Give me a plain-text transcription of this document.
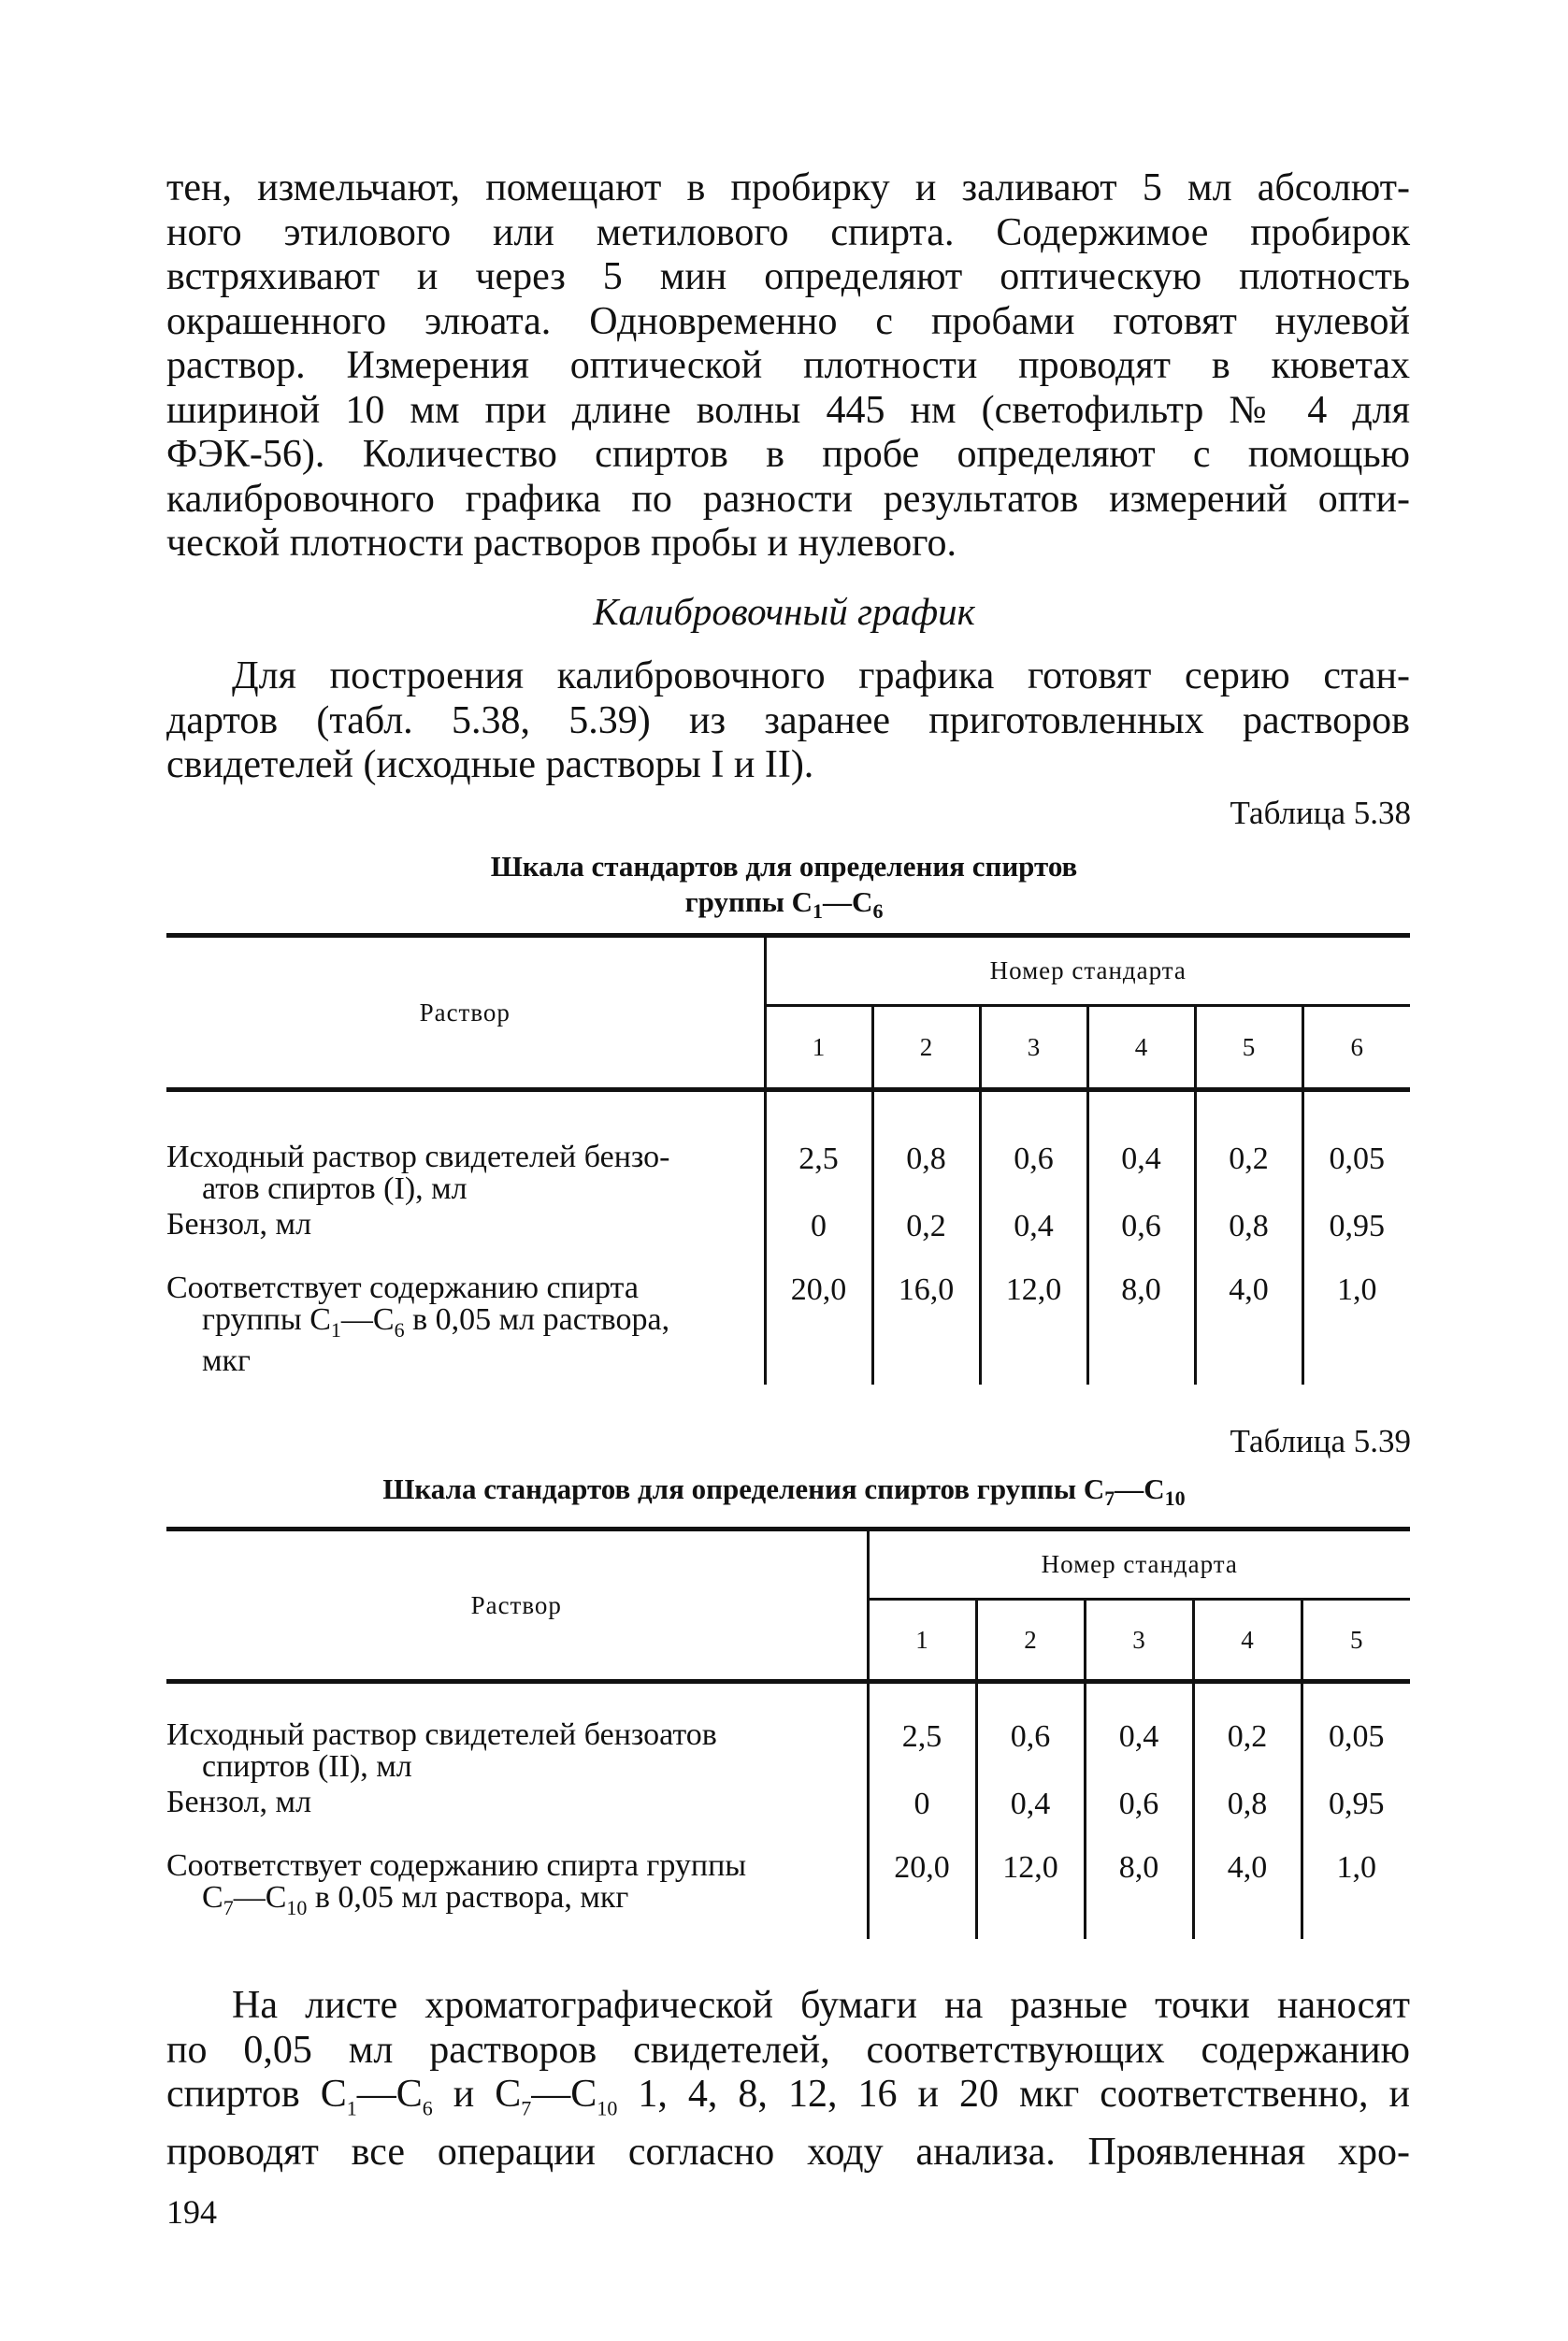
тен, измельчают, помещают в пробирку и заливают 5 мл абсолют-
ного этилового или метилового спирта. Содержимое пробирок
встряхивают и через 5 мин определяют оптическую плотность
окрашенного элюата. Одновременно с пробами готовят нулевой
раствор. Измерения оптической плотности проводят в кюветах
шириной 10 мм при длине волны 445 нм (светофильтр № 4 для
ФЭК-56). Количество спиртов в пробе определяют с помощью
калибровочного графика по разности результатов измерений опти-
ческой плотности растворов пробы и нулевого.
Калибровочный график
Для построения калибровочного графика готовят серию стан-
дартов (табл. 5.38, 5.39) из заранее приготовленных растворов
свидетелей (исходные растворы I и II).
Таблица 5.38
Шкала стандартов для определения спиртов
группы $C_1—C_6$
Раствор	Номер стандарта					
	1	2	3	4	5	6

Исходный раствор свидетелей бензо-
атов спиртов (I), мл	2,5	0,8	0,6	0,4	0,2	0,05
Бензол, мл	0	0,2	0,4	0,6	0,8	0,95

Соответствует содержанию спирта
группы $C_1—C_6$ в 0,05 мл раствора,
мкг	20,0	16,0	12,0	8,0	4,0	1,0
Таблица 5.39
Шкала стандартов для определения спиртов группы $C_7—C_{10}$
Раствор	Номер стандарта				
	1	2	3	4	5

Исходный раствор свидетелей бензоатов
спиртов (II), мл	2,5	0,6	0,4	0,2	0,05
Бензол, мл	0	0,4	0,6	0,8	0,95

Соответствует содержанию спирта группы
$C_7—C_{10}$ в 0,05 мл раствора, мкг	20,0	12,0	8,0	4,0	1,0
На листе хроматографической бумаги на разные точки наносят
по 0,05 мл растворов свидетелей, соответствующих содержанию
спиртов $C_1—C_6$ и $C_7—C_{10}$ 1, 4, 8, 12, 16 и 20 мкг соответственно, и
проводят все операции согласно ходу анализа. Проявленная хро-
194
